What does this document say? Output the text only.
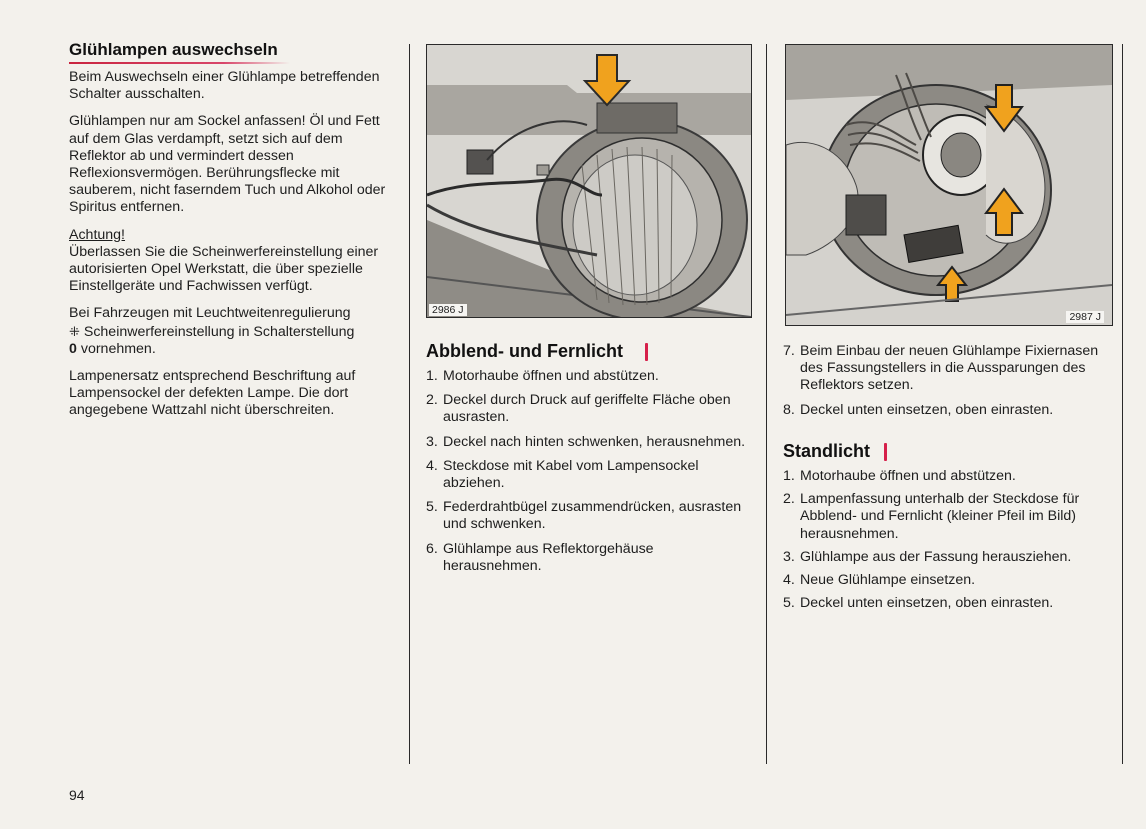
Glühlampen auswechseln

Beim Auswechseln einer Glühlampe betreffenden Schalter ausschalten.

Glühlampen nur am Sockel anfassen! Öl und Fett auf dem Glas verdampft, setzt sich auf dem Reflektor ab und vermindert dessen Reflexionsvermögen. Berührungsflecke mit sauberem, nicht faserndem Tuch und Alkohol oder Spiritus entfernen.

Achtung!
Überlassen Sie die Scheinwerfereinstellung einer autorisierten Opel Werkstatt, die über spezielle Einstellgeräte und Fachwissen verfügt.

Bei Fahrzeugen mit Leuchtweitenregulierung
⁜ Scheinwerfereinstellung in Schalterstellung
0 vornehmen.

Lampenersatz entsprechend Beschriftung auf Lampensockel der defekten Lampe. Die dort angegebene Wattzahl nicht überschreiten.

2986 J
2987 J
Abblend- und Fernlicht
1. Motorhaube öffnen und abstützen.
2. Deckel durch Druck auf geriffelte Fläche oben ausrasten.
3. Deckel nach hinten schwenken, herausnehmen.
4. Steckdose mit Kabel vom Lampensockel abziehen.
5. Federdrahtbügel zusammendrücken, ausrasten und schwenken.
6. Glühlampe aus Reflektorgehäuse herausnehmen.
7. Beim Einbau der neuen Glühlampe Fixiernasen des Fassungstellers in die Aussparungen des Reflektors setzen.
8. Deckel unten einsetzen, oben einrasten.
Standlicht
1. Motorhaube öffnen und abstützen.
2. Lampenfassung unterhalb der Steckdose für Abblend- und Fernlicht (kleiner Pfeil im Bild) herausnehmen.
3. Glühlampe aus der Fassung herausziehen.
4. Neue Glühlampe einsetzen.
5. Deckel unten einsetzen, oben einrasten.
94
